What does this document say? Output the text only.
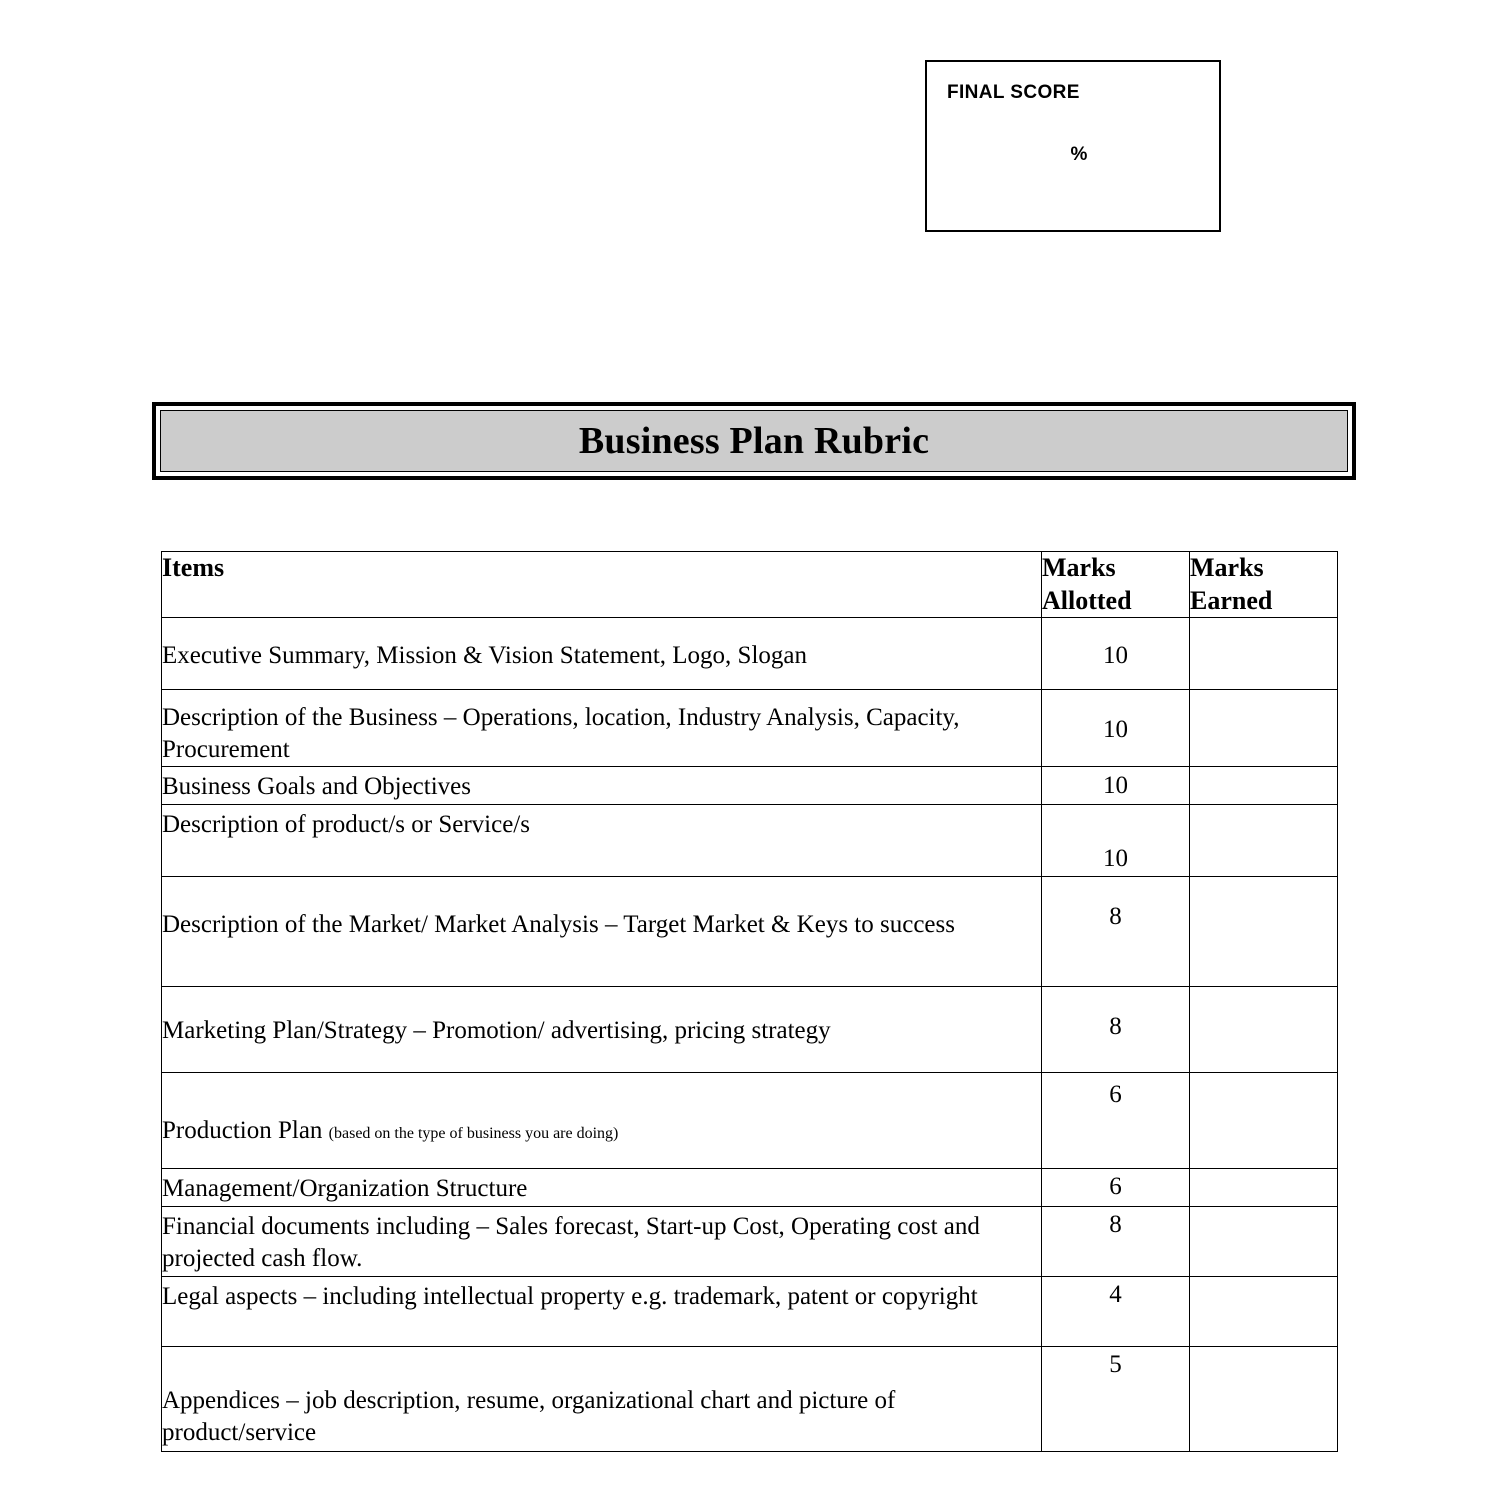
FINAL SCORE
%
Business Plan Rubric
Items	Marks Allotted	Marks Earned
Executive Summary, Mission & Vision Statement, Logo, Slogan	10	
Description of the Business – Operations, location, Industry Analysis, Capacity, Procurement	10	
Business Goals and Objectives	10	
Description of product/s or Service/s	10	
Description of the Market/ Market Analysis – Target Market & Keys to success	8	
Marketing Plan/Strategy – Promotion/ advertising, pricing strategy	8	
Production Plan (based on the type of business you are doing)	6	
Management/Organization Structure	6	
Financial documents including – Sales forecast, Start-up Cost, Operating cost and projected cash flow.	8	
Legal aspects – including intellectual property e.g. trademark, patent or copyright	4	
Appendices – job description, resume, organizational chart and picture of product/service	5	
